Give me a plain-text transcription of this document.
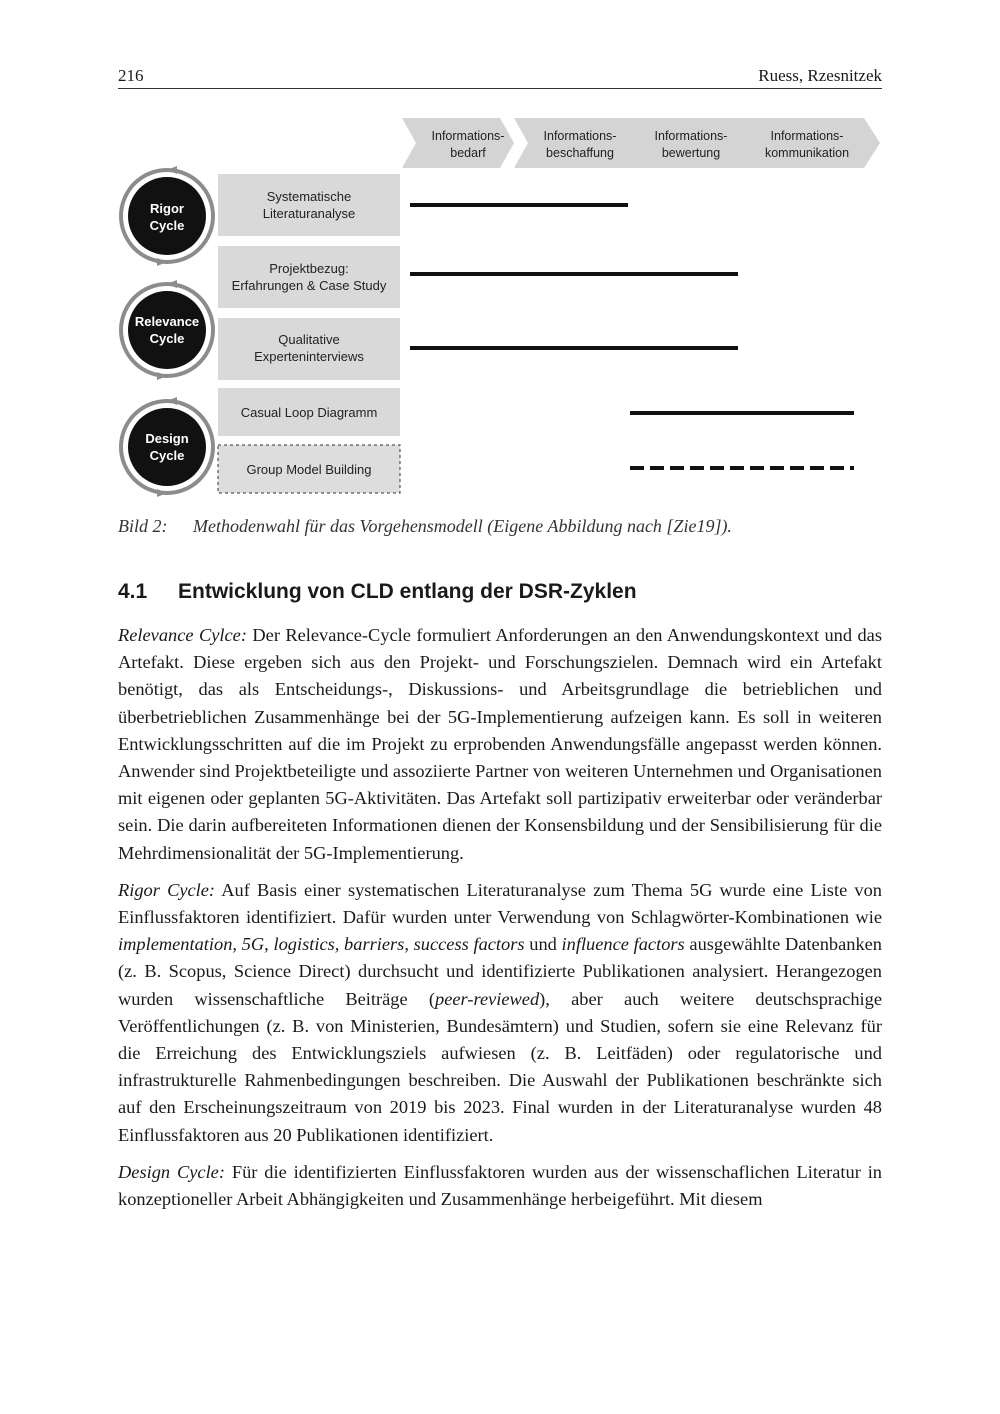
216	Ruess, Rzesnitzek
Informations-
bedarf
Informations-
beschaffung
Informations-
bewertung
Informations-
kommunikation
Rigor
Cycle
Relevance
Cycle
Design
Cycle
Systematische
Literaturanalyse
Projektbezug:
Erfahrungen & Case Study
Qualitative
Experteninterviews
Casual Loop Diagramm
Group Model Building
Bild 2: Methodenwahl für das Vorgehensmodell (Eigene Abbildung nach [Zie19]).
4.1 Entwicklung von CLD entlang der DSR-Zyklen

Relevance Cylce: Der Relevance-Cycle formuliert Anforderungen an den Anwendungskontext und das Artefakt. Diese ergeben sich aus den Projekt- und Forschungszielen. Demnach wird ein Artefakt benötigt, das als Entscheidungs-, Diskussions- und Arbeitsgrundlage die betrieblichen und überbetrieblichen Zusammenhänge bei der 5G-Implementierung aufzeigen kann. Es soll in weiteren Entwicklungsschritten auf die im Projekt zu erprobenden Anwendungsfälle angepasst werden können. Anwender sind Projektbeteiligte und assoziierte Partner von weiteren Unternehmen und Organisationen mit eigenen oder geplanten 5G-Aktivitäten. Das Artefakt soll partizipativ erweiterbar oder veränderbar sein. Die darin aufbereiteten Informationen dienen der Konsensbildung und der Sensibilisierung für die Mehrdimensionalität der 5G-Implementierung.

Rigor Cycle: Auf Basis einer systematischen Literaturanalyse zum Thema 5G wurde eine Liste von Einflussfaktoren identifiziert. Dafür wurden unter Verwendung von Schlagwörter-Kombinationen wie implementation, 5G, logistics, barriers, success factors und influence factors ausgewählte Datenbanken (z. B. Scopus, Science Direct) durchsucht und identifizierte Publikationen analysiert. Herangezogen wurden wissenschaftliche Beiträge (peer-reviewed), aber auch weitere deutschsprachige Veröffentlichungen (z. B. von Ministerien, Bundesämtern) und Studien, sofern sie eine Relevanz für die Erreichung des Entwicklungsziels aufwiesen (z. B. Leitfäden) oder regulatorische und infrastrukturelle Rahmenbedingungen beschreiben. Die Auswahl der Publikationen beschränkte sich auf den Erscheinungszeitraum von 2019 bis 2023. Final wurden in der Literaturanalyse wurden 48 Einflussfaktoren aus 20 Publikationen identifiziert.

Design Cycle: Für die identifizierten Einflussfaktoren wurden aus der wissenschaflichen Literatur in konzeptioneller Arbeit Abhängigkeiten und Zusammenhänge herbeigeführt. Mit diesem
